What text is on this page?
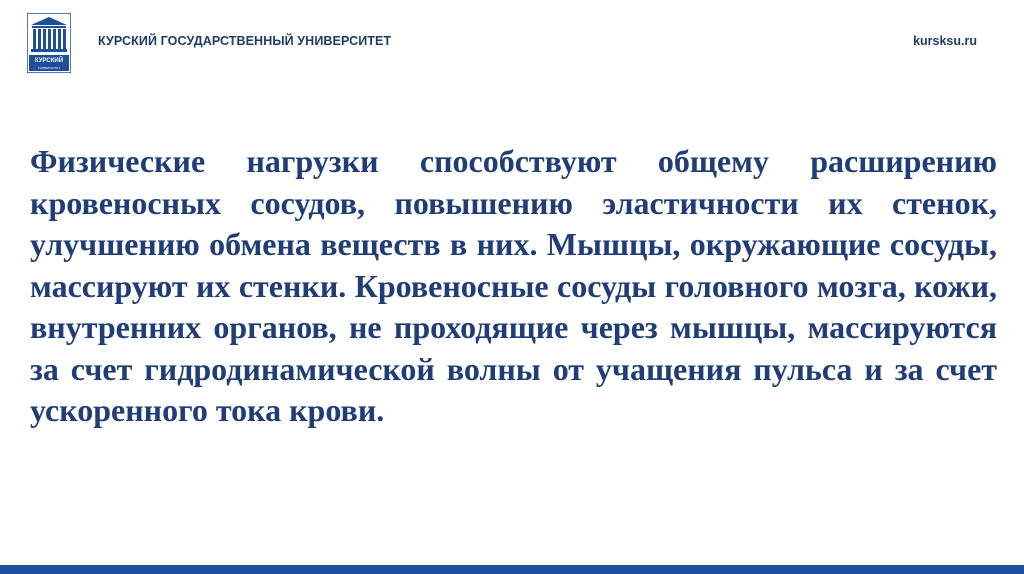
КУРСКИЙ
УНИВЕРСИТЕТ
КУРСКИЙ ГОСУДАРСТВЕННЫЙ УНИВЕРСИТЕТ	kursksu.ru

Физические нагрузки способствуют общему расширению кровеносных сосудов, повышению эластичности их стенок, улучшению обмена веществ в них. Мышцы, окружающие сосуды, массируют их стенки. Кровеносные сосуды головного мозга, кожи, внутренних органов, не проходящие через мышцы, массируются за счет гидродинамической волны от учащения пульса и за счет ускоренного тока крови.
